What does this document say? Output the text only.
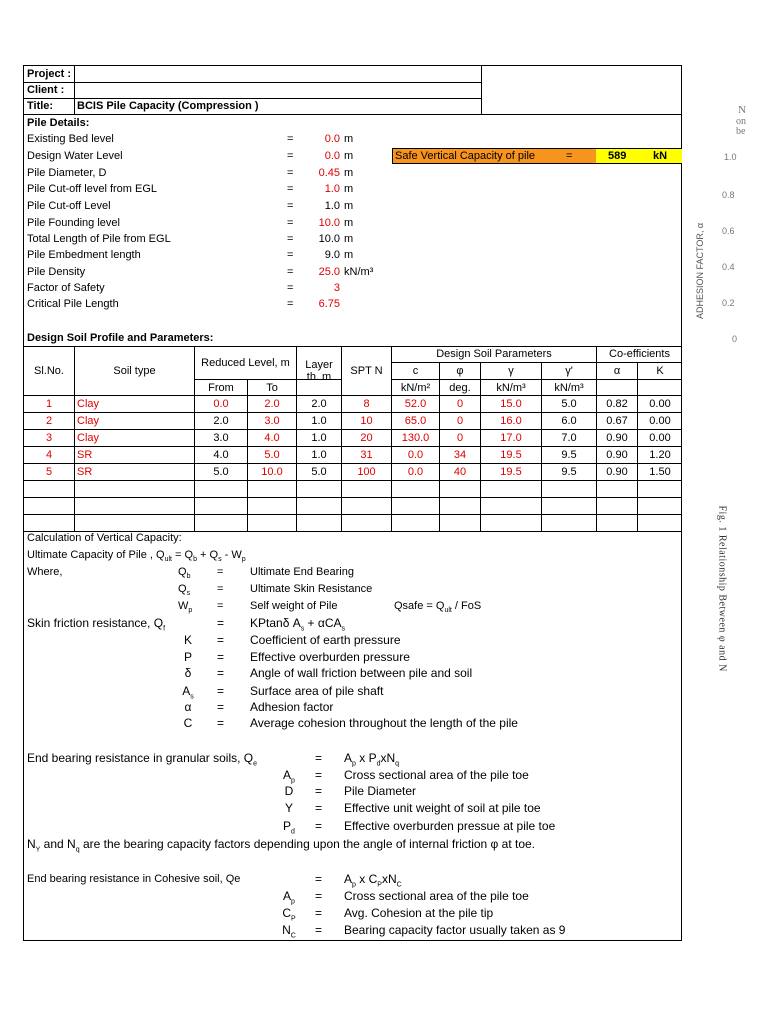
N
on
be
1.0
0.8
0.6
0.4
0.2
0
ADHESION FACTOR, α
Fig. 1 Relationship Between φ and N
Project :
Client :
Title: BCIS Pile Capacity (Compression )
Pile Details:
Existing Bed level	=	0.0 m
Design Water Level	=	0.0 m
Pile Diameter, D	=	0.45 m
Pile Cut-off level from EGL	=	1.0 m
Pile Cut-off Level	=	1.0 m
Pile Founding level	=	10.0 m
Total Length of Pile from EGL	=	10.0 m
Pile Embedment length	=	9.0 m
Pile Density	=	25.0 kN/m³
Factor of Safety	=	3
Critical Pile Length	=	6.75
Safe Vertical Capacity of pile	=	589 kN
Design Soil Profile and Parameters:
Sl.No.	Soil type
Reduced Level, m
From	To
Layer
th. m	SPT N
Design Soil Parameters	Co-efficients
c	φ	γ	γ'	α	K
kN/m²	deg.	kN/m³	kN/m³
1	Clay	0.0	2.0	2.0	8	52.0	0	15.0	5.0	0.82	0.00
2	Clay	2.0	3.0	1.0	10	65.0	0	16.0	6.0	0.67	0.00
3	Clay	3.0	4.0	1.0	20	130.0	0	17.0	7.0	0.90	0.00
4	SR	4.0	5.0	1.0	31	0.0	34	19.5	9.5	0.90	1.20
5	SR	5.0	10.0	5.0	100	0.0	40	19.5	9.5	0.90	1.50
Calculation of Vertical Capacity:
Ultimate Capacity of Pile , $Q_{ult} = Q_b + Q_s - W_p$
Where,	$Q_b$ = Ultimate End Bearing
$Q_s$ = Ultimate Skin Resistance
$W_p$ = Self weight of Pile	Qsafe = $Q_{ult}$ / FoS
Skin friction resistance, $Q_f$	= KPtanδ $A_s + \alpha CA_s$
K	= Coefficient of earth pressure
P	= Effective overburden pressure
δ	= Angle of wall friction between pile and soil
$A_s$	= Surface area of pile shaft
α	= Adhesion factor
C	= Average cohesion throughout the length of the pile
End bearing resistance in granular soils, $Q_e$	= $A_p$ x $P_dxN_q$
$A_p$	= Cross sectional area of the pile toe
D	= Pile Diameter
Y	= Effective unit weight of soil at pile toe
$P_d$	= Effective overburden pressue at pile toe
$N_Y$ and $N_q$ are the bearing capacity factors depending upon the angle of internal friction φ at toe.
End bearing resistance in Cohesive soil, Qe	= $A_p$ x $C_PxN_C$
$A_p$	= Cross sectional area of the pile toe
$C_P$	= Avg. Cohesion at the pile tip
$N_C$	= Bearing capacity factor usually taken as 9
